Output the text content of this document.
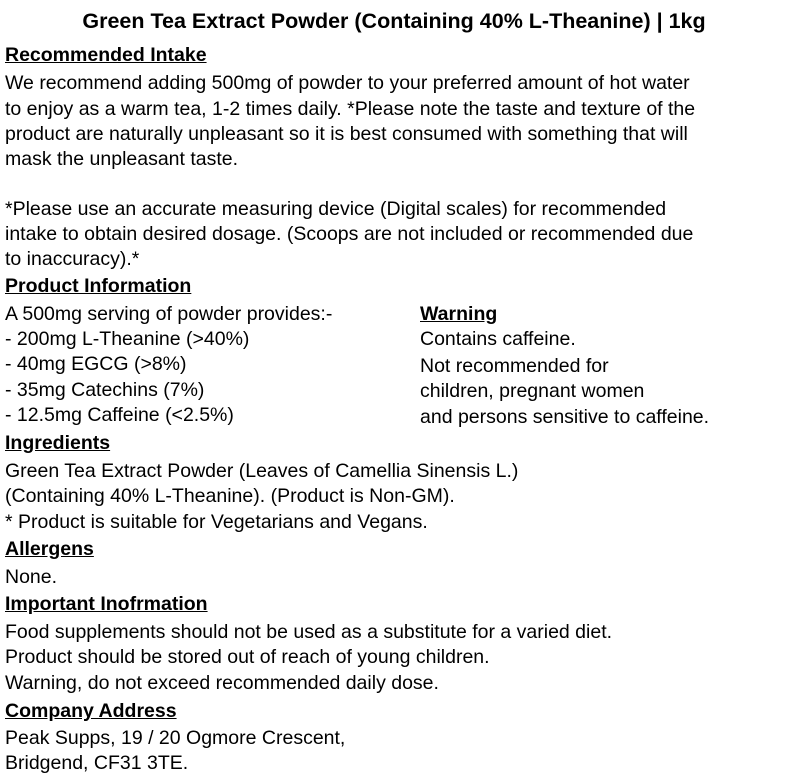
Green Tea Extract Powder (Containing 40% L-Theanine) | 1kg
Recommended Intake
We recommend adding 500mg of powder to your preferred amount of hot water
to enjoy as a warm tea, 1-2 times daily. *Please note the taste and texture of the
product are naturally unpleasant so it is best consumed with something that will
mask the unpleasant taste.
*Please use an accurate measuring device (Digital scales) for recommended
intake to obtain desired dosage. (Scoops are not included or recommended due
to inaccuracy).*
Product Information
A 500mg serving of powder provides:-
- 200mg L-Theanine (>40%)
- 40mg EGCG (>8%)
- 35mg Catechins (7%)
- 12.5mg Caffeine (<2.5%)
Warning
Contains caffeine.
Not recommended for
children, pregnant women
and persons sensitive to caffeine.
Ingredients
Green Tea Extract Powder (Leaves of Camellia Sinensis L.)
(Containing 40% L-Theanine). (Product is Non-GM).
* Product is suitable for Vegetarians and Vegans.
Allergens
None.
Important Inofrmation
Food supplements should not be used as a substitute for a varied diet.
Product should be stored out of reach of young children.
Warning, do not exceed recommended daily dose.
Company Address
Peak Supps, 19 / 20 Ogmore Crescent,
Bridgend, CF31 3TE.
